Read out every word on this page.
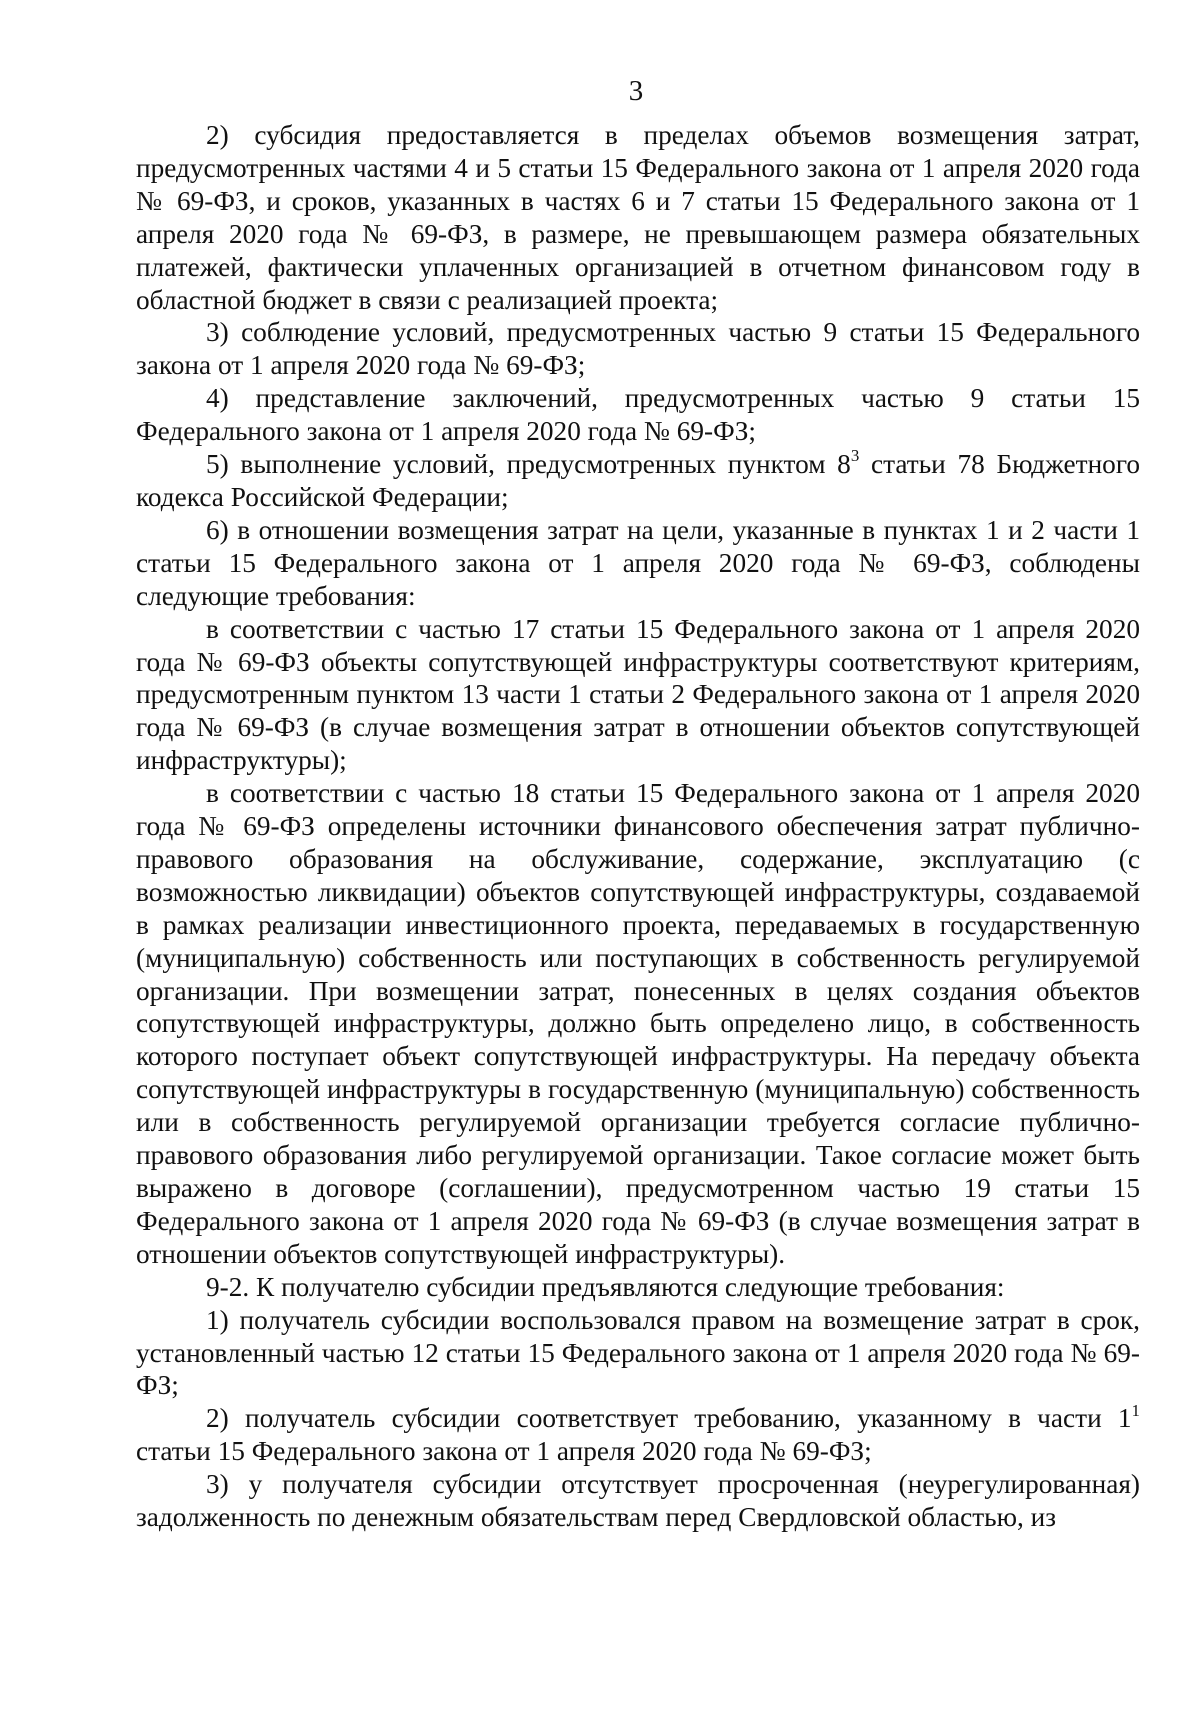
3

2) субсидия предоставляется в пределах объемов возмещения затрат, предусмотренных частями 4 и 5 статьи 15 Федерального закона от 1 апреля 2020 года № 69-ФЗ, и сроков, указанных в частях 6 и 7 статьи 15 Федерального закона от 1 апреля 2020 года № 69-ФЗ, в размере, не превышающем размера обязательных платежей, фактически уплаченных организацией в отчетном финансовом году в областной бюджет в связи с реализацией проекта;

3) соблюдение условий, предусмотренных частью 9 статьи 15 Федерального закона от 1 апреля 2020 года № 69-ФЗ;

4) представление заключений, предусмотренных частью 9 статьи 15 Федерального закона от 1 апреля 2020 года № 69-ФЗ;

5) выполнение условий, предусмотренных пунктом $8^3$ статьи 78 Бюджетного кодекса Российской Федерации;

6) в отношении возмещения затрат на цели, указанные в пунктах 1 и 2 части 1 статьи 15 Федерального закона от 1 апреля 2020 года № 69-ФЗ, соблюдены следующие требования:

в соответствии с частью 17 статьи 15 Федерального закона от 1 апреля 2020 года № 69-ФЗ объекты сопутствующей инфраструктуры соответствуют критериям, предусмотренным пунктом 13 части 1 статьи 2 Федерального закона от 1 апреля 2020 года № 69-ФЗ (в случае возмещения затрат в отношении объектов сопутствующей инфраструктуры);

в соответствии с частью 18 статьи 15 Федерального закона от 1 апреля 2020 года № 69-ФЗ определены источники финансового обеспечения затрат публично-правового образования на обслуживание, содержание, эксплуатацию (с возможностью ликвидации) объектов сопутствующей инфраструктуры, создаваемой в рамках реализации инвестиционного проекта, передаваемых в государственную (муниципальную) собственность или поступающих в собственность регулируемой организации. При возмещении затрат, понесенных в целях создания объектов сопутствующей инфраструктуры, должно быть определено лицо, в собственность которого поступает объект сопутствующей инфраструктуры. На передачу объекта сопутствующей инфраструктуры в государственную (муниципальную) собственность или в собственность регулируемой организации требуется согласие публично-правового образования либо регулируемой организации. Такое согласие может быть выражено в договоре (соглашении), предусмотренном частью 19 статьи 15 Федерального закона от 1 апреля 2020 года № 69-ФЗ (в случае возмещения затрат в отношении объектов сопутствующей инфраструктуры).

9-2. К получателю субсидии предъявляются следующие требования:

1) получатель субсидии воспользовался правом на возмещение затрат в срок, установленный частью 12 статьи 15 Федерального закона от 1 апреля 2020 года № 69-ФЗ;

2) получатель субсидии соответствует требованию, указанному в части $1^1$ статьи 15 Федерального закона от 1 апреля 2020 года № 69-ФЗ;

3) у получателя субсидии отсутствует просроченная (неурегулированная) задолженность по денежным обязательствам перед Свердловской областью, из
